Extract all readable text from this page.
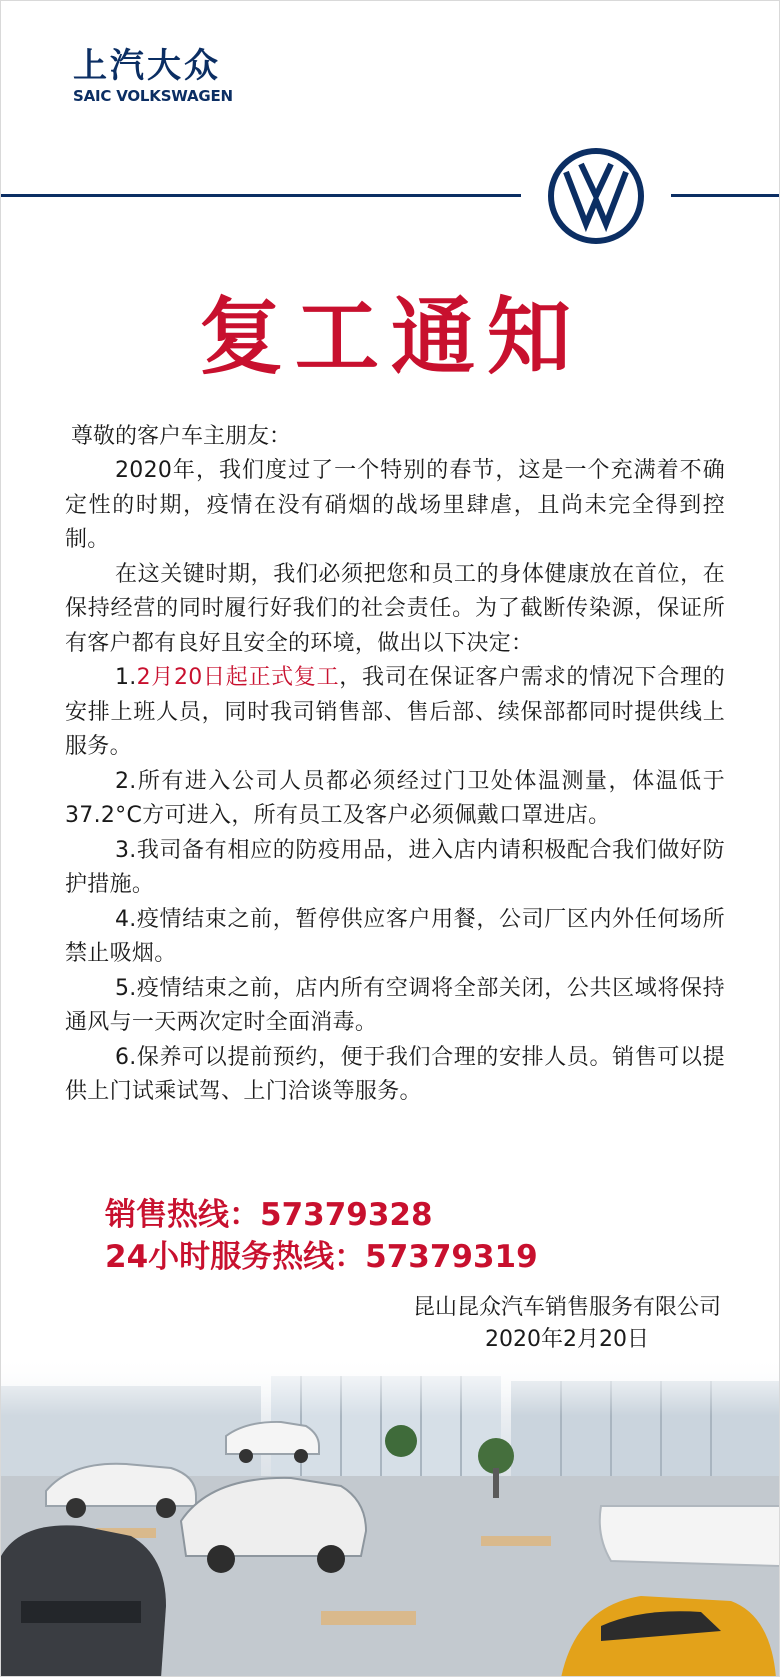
上汽大众
SAIC VOLKSWAGEN
复工通知
尊敬的客户车主朋友：

2020年，我们度过了一个特别的春节，这是一个充满着不确定性的时期，疫情在没有硝烟的战场里肆虐，且尚未完全得到控制。

在这关键时期，我们必须把您和员工的身体健康放在首位，在保持经营的同时履行好我们的社会责任。为了截断传染源，保证所有客户都有良好且安全的环境，做出以下决定：

1.2月20日起正式复工，我司在保证客户需求的情况下合理的安排上班人员，同时我司销售部、售后部、续保部都同时提供线上服务。

2.所有进入公司人员都必须经过门卫处体温测量，体温低于37.2°C方可进入，所有员工及客户必须佩戴口罩进店。

3.我司备有相应的防疫用品，进入店内请积极配合我们做好防护措施。

4.疫情结束之前，暂停供应客户用餐，公司厂区内外任何场所禁止吸烟。

5.疫情结束之前，店内所有空调将全部关闭，公共区域将保持通风与一天两次定时全面消毒。

6.保养可以提前预约，便于我们合理的安排人员。销售可以提供上门试乘试驾、上门洽谈等服务。

销售热线：57379328
24小时服务热线：57379319
昆山昆众汽车销售服务有限公司
2020年2月20日
